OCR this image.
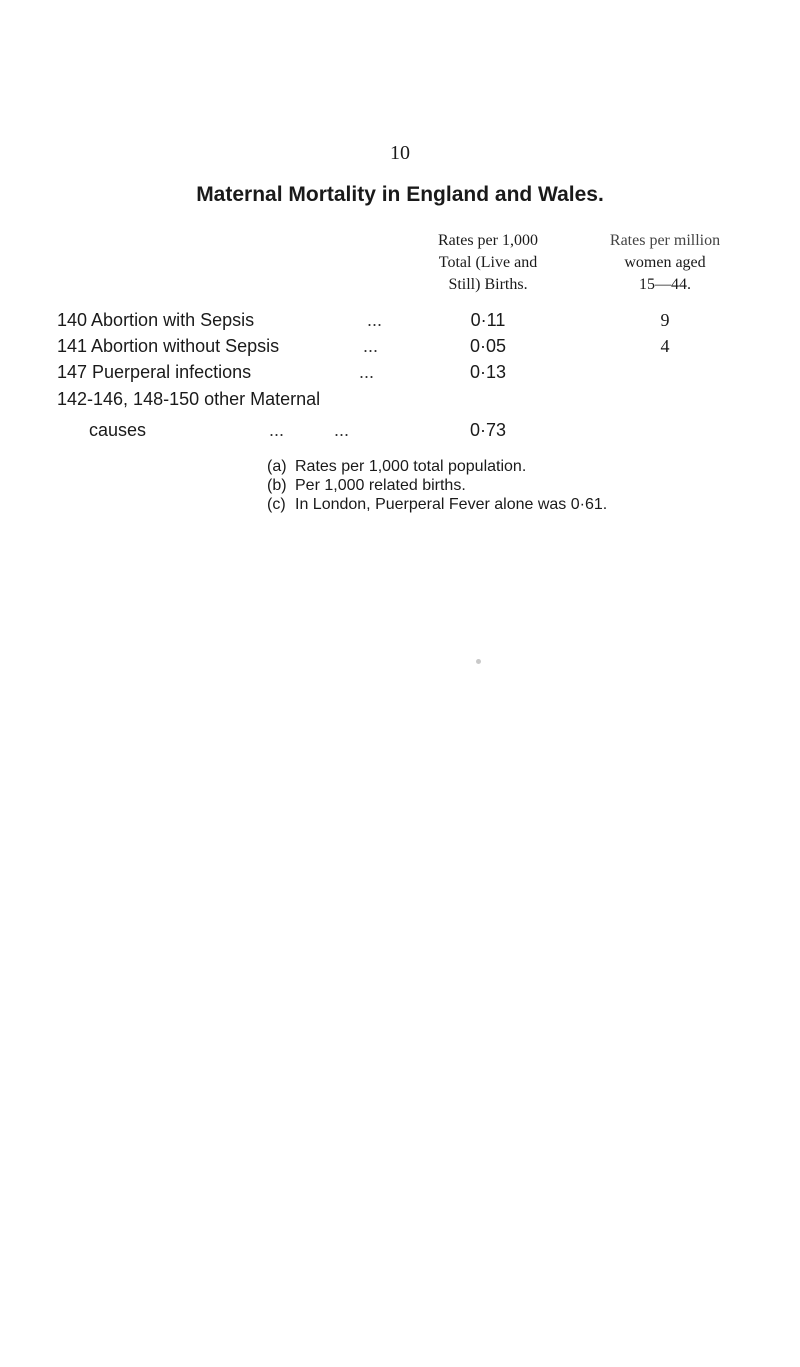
10
Maternal Mortality in England and Wales.
Rates per 1,000
Total (Live and
Still) Births.
Rates per million
women aged
15—44.
140 Abortion with Sepsis	...	0·11	9
141 Abortion without Sepsis	...	0·05	4
147 Puerperal infections	...	0·13
142-146, 148-150 other Maternal
causes	...          ...	0·73
(a) Rates per 1,000 total population.
(b) Per 1,000 related births.
(c) In London, Puerperal Fever alone was 0·61.
